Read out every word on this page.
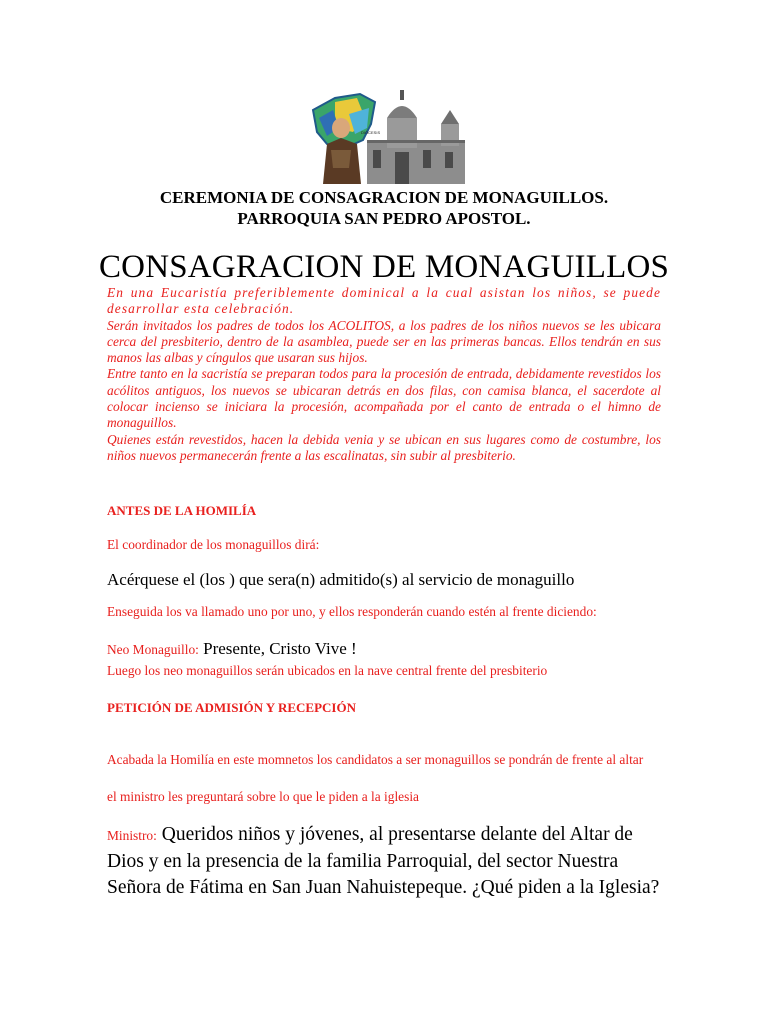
DIÓCESIS
CEREMONIA DE CONSAGRACION DE MONAGUILLOS.
PARROQUIA SAN PEDRO APOSTOL.
CONSAGRACION DE MONAGUILLOS

En una Eucaristía preferiblemente dominical a la cual asistan los niños, se puede desarrollar esta celebración.

Serán invitados los padres de todos los ACOLITOS, a los padres de los niños nuevos se les ubicara cerca del presbiterio, dentro de la asamblea, puede ser en las primeras bancas. Ellos tendrán en sus manos las albas y cíngulos que usaran sus hijos.

Entre tanto en la sacristía se preparan todos para la procesión de entrada, debidamente revestidos los acólitos antiguos, los nuevos se ubicaran detrás en dos filas, con camisa blanca, el sacerdote al colocar incienso se iniciara la procesión, acompañada por el canto de entrada o el himno de monaguillos.

Quienes están revestidos, hacen la debida venia y se ubican en sus lugares como de costumbre, los niños nuevos permanecerán frente a las escalinatas, sin subir al presbiterio.

ANTES DE LA HOMILÍA
El coordinador de los monaguillos dirá:
Acérquese el (los ) que sera(n) admitido(s) al servicio de monaguillo
Enseguida los va llamado uno por uno, y ellos responderán cuando estén al frente diciendo:
Neo Monaguillo: Presente, Cristo Vive !
Luego los neo monaguillos serán ubicados en la nave central frente del presbiterio
PETICIÓN DE ADMISIÓN Y RECEPCIÓN
Acabada la Homilía en este momnetos los candidatos a ser monaguillos se pondrán de frente al altar
el ministro les preguntará sobre lo que le piden a la iglesia
Ministro: Queridos niños y jóvenes, al presentarse delante del Altar de Dios y en la presencia de la familia Parroquial, del sector Nuestra Señora de Fátima en San Juan Nahuistepeque. ¿Qué piden a la Iglesia?
